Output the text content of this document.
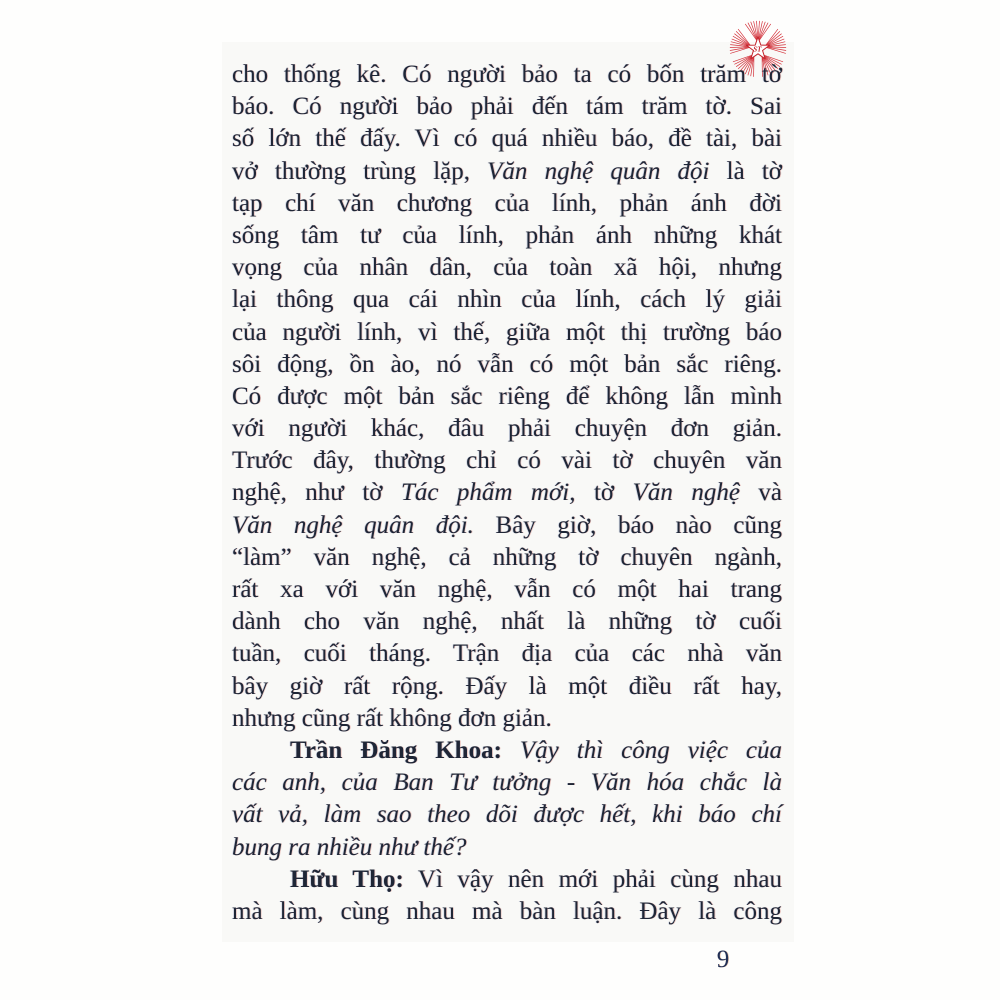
ST
cho thống kê. Có người bảo ta có bốn trăm tờ
báo. Có người bảo phải đến tám trăm tờ. Sai
số lớn thế đấy. Vì có quá nhiều báo, đề tài, bài
vở thường trùng lặp, Văn nghệ quân đội là tờ
tạp chí văn chương của lính, phản ánh đời
sống tâm tư của lính, phản ánh những khát
vọng của nhân dân, của toàn xã hội, nhưng
lại thông qua cái nhìn của lính, cách lý giải
của người lính, vì thế, giữa một thị trường báo
sôi động, ồn ào, nó vẫn có một bản sắc riêng.
Có được một bản sắc riêng để không lẫn mình
với người khác, đâu phải chuyện đơn giản.
Trước đây, thường chỉ có vài tờ chuyên văn
nghệ, như tờ Tác phẩm mới, tờ Văn nghệ và
Văn nghệ quân đội. Bây giờ, báo nào cũng
“làm” văn nghệ, cả những tờ chuyên ngành,
rất xa với văn nghệ, vẫn có một hai trang
dành cho văn nghệ, nhất là những tờ cuối
tuần, cuối tháng. Trận địa của các nhà văn
bây giờ rất rộng. Đấy là một điều rất hay,
nhưng cũng rất không đơn giản.
Trần Đăng Khoa: Vậy thì công việc của
các anh, của Ban Tư tưởng - Văn hóa chắc là
vất vả, làm sao theo dõi được hết, khi báo chí
bung ra nhiều như thế?
Hữu Thọ: Vì vậy nên mới phải cùng nhau
mà làm, cùng nhau mà bàn luận. Đây là công
9
